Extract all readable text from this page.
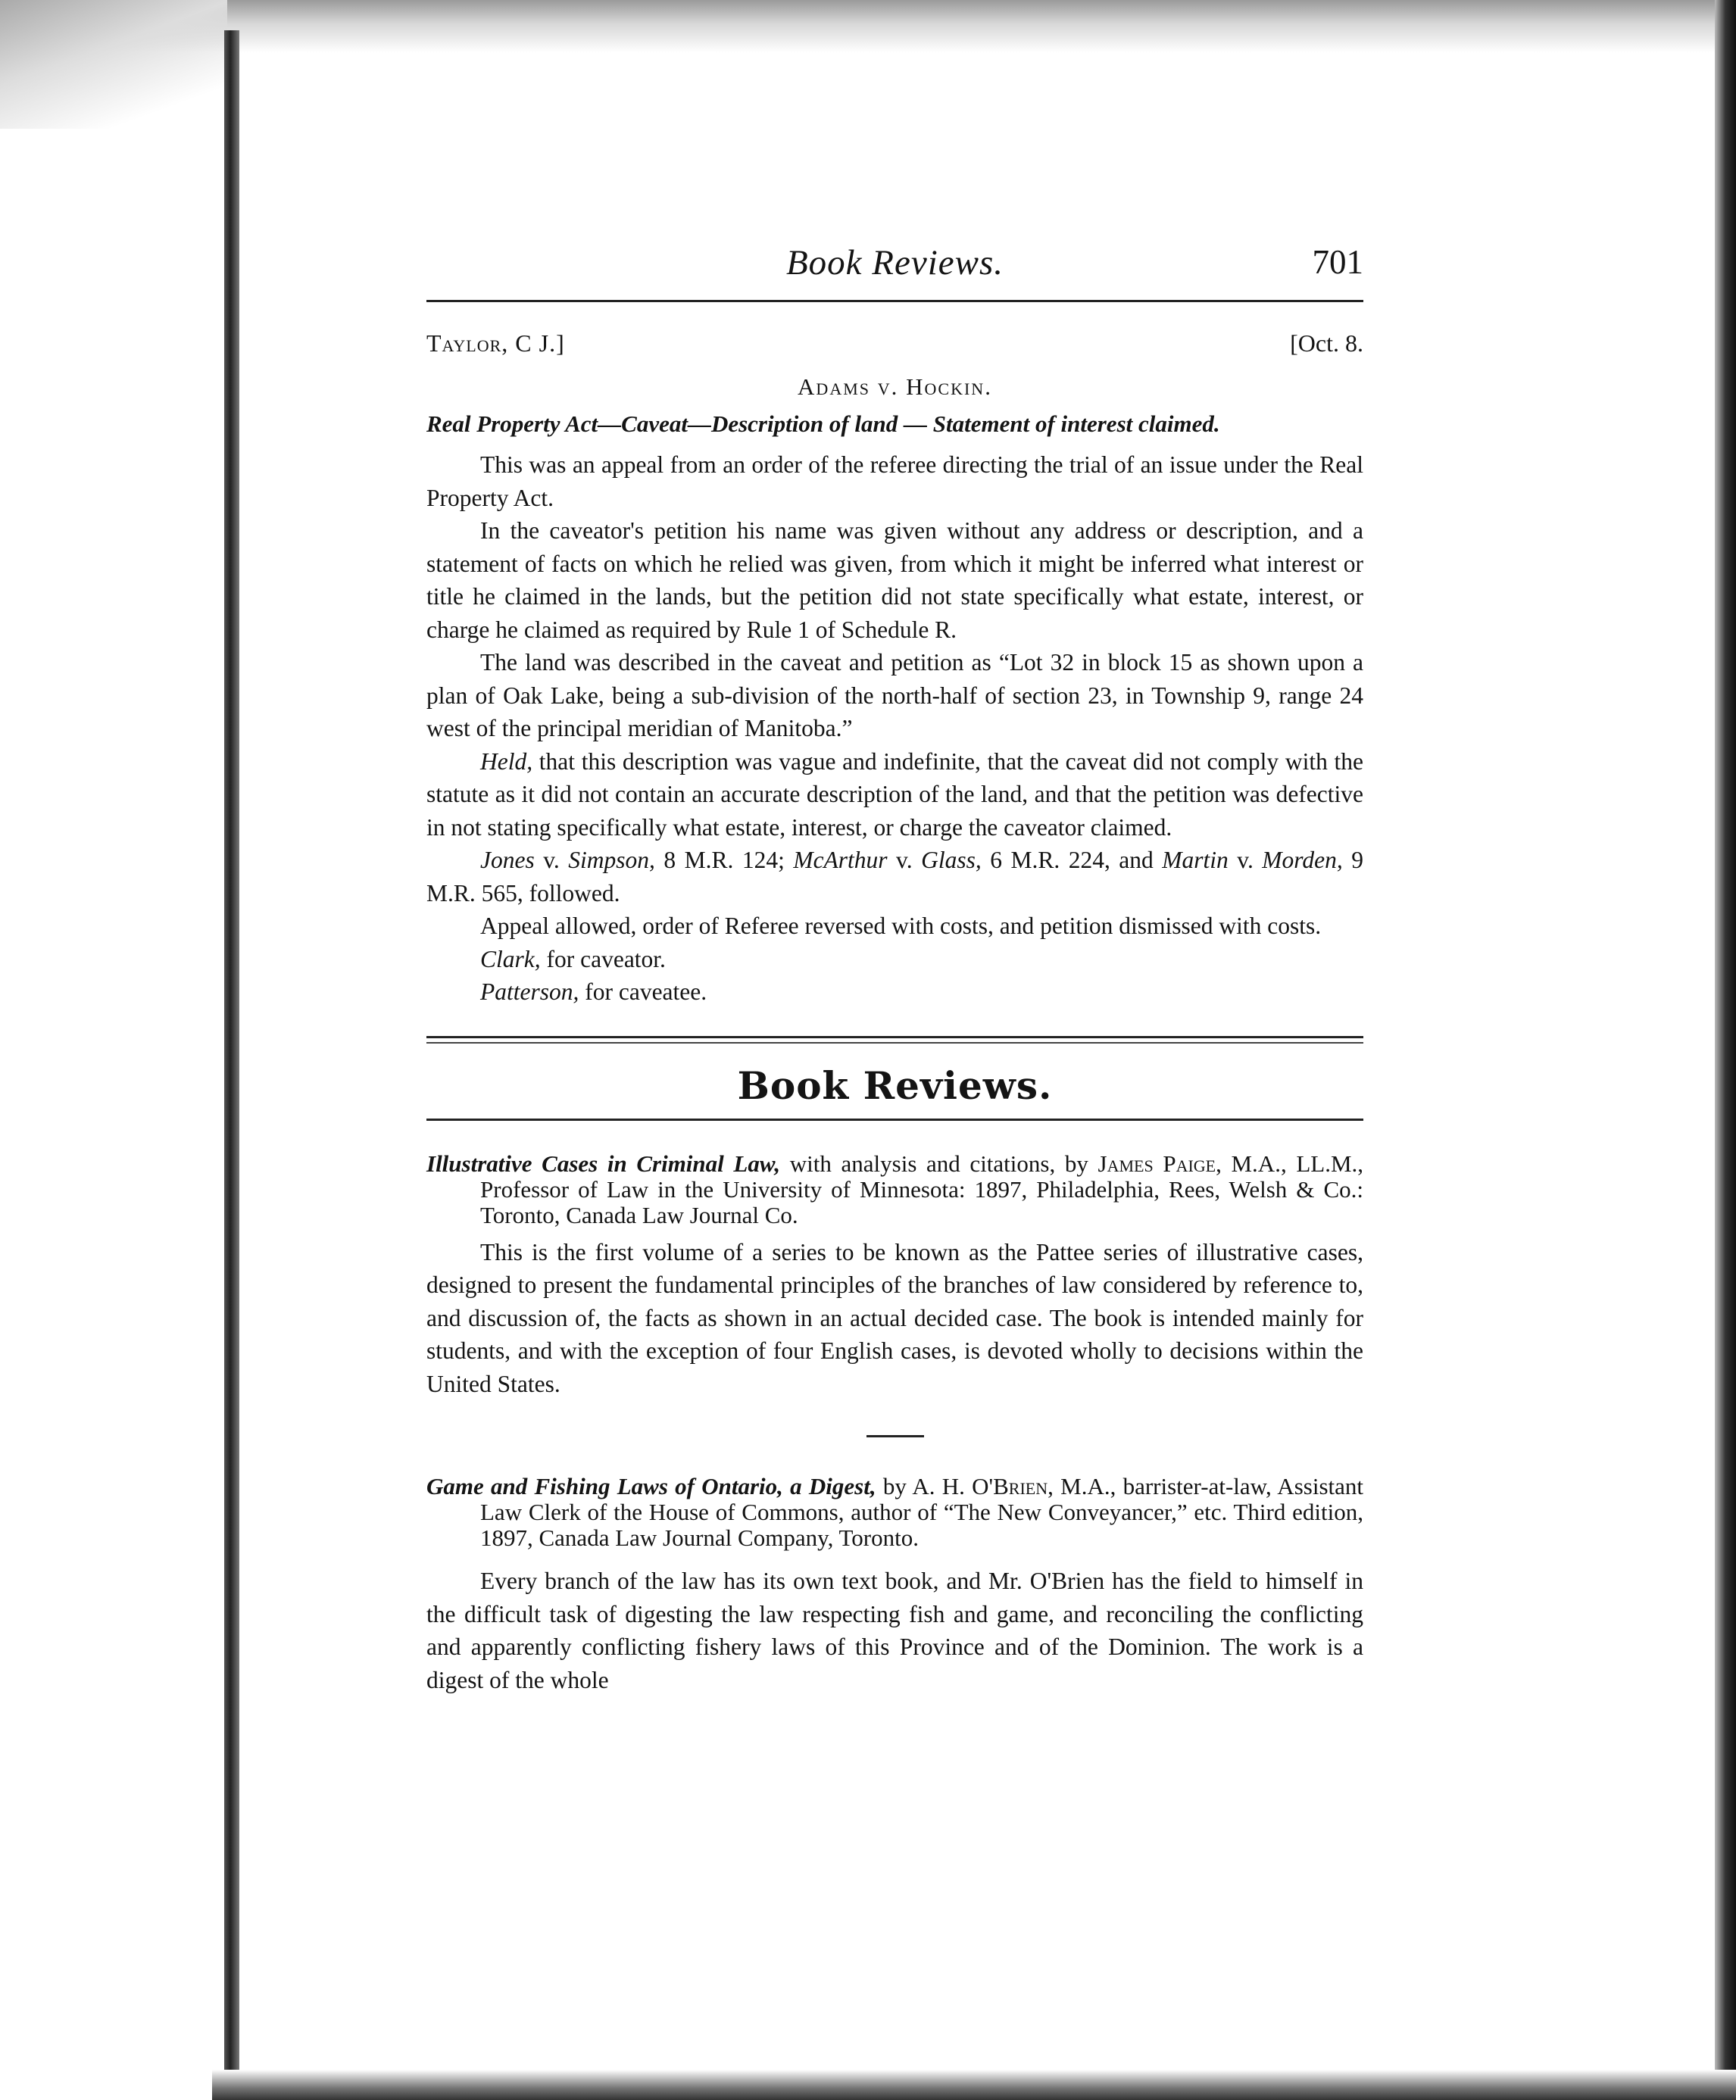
Book Reviews.	701
Taylor, C J.]	[Oct. 8.
Adams v. Hockin.
Real Property Act—Caveat—Description of land — Statement of interest claimed.

This was an appeal from an order of the referee directing the trial of an issue under the Real Property Act.

In the caveator's petition his name was given without any address or description, and a statement of facts on which he relied was given, from which it might be inferred what interest or title he claimed in the lands, but the petition did not state specifically what estate, interest, or charge he claimed as required by Rule 1 of Schedule R.

The land was described in the caveat and petition as “Lot 32 in block 15 as shown upon a plan of Oak Lake, being a sub-division of the north-half of section 23, in Township 9, range 24 west of the principal meridian of Manitoba.”

Held, that this description was vague and indefinite, that the caveat did not comply with the statute as it did not contain an accurate description of the land, and that the petition was defective in not stating specifically what estate, interest, or charge the caveator claimed.

Jones v. Simpson, 8 M.R. 124; McArthur v. Glass, 6 M.R. 224, and Martin v. Morden, 9 M.R. 565, followed.

Appeal allowed, order of Referee reversed with costs, and petition dismissed with costs.

Clark, for caveator.

Patterson, for caveatee.

Book Reviews.

Illustrative Cases in Criminal Law, with analysis and citations, by James Paige, M.A., LL.M., Professor of Law in the University of Minnesota: 1897, Philadelphia, Rees, Welsh & Co.: Toronto, Canada Law Journal Co.

This is the first volume of a series to be known as the Pattee series of illustrative cases, designed to present the fundamental principles of the branches of law considered by reference to, and discussion of, the facts as shown in an actual decided case. The book is intended mainly for students, and with the exception of four English cases, is devoted wholly to decisions within the United States.

Game and Fishing Laws of Ontario, a Digest, by A. H. O'Brien, M.A., barrister-at-law, Assistant Law Clerk of the House of Commons, author of “The New Conveyancer,” etc. Third edition, 1897, Canada Law Journal Company, Toronto.

Every branch of the law has its own text book, and Mr. O'Brien has the field to himself in the difficult task of digesting the law respecting fish and game, and reconciling the conflicting and apparently conflicting fishery laws of this Province and of the Dominion. The work is a digest of the whole
